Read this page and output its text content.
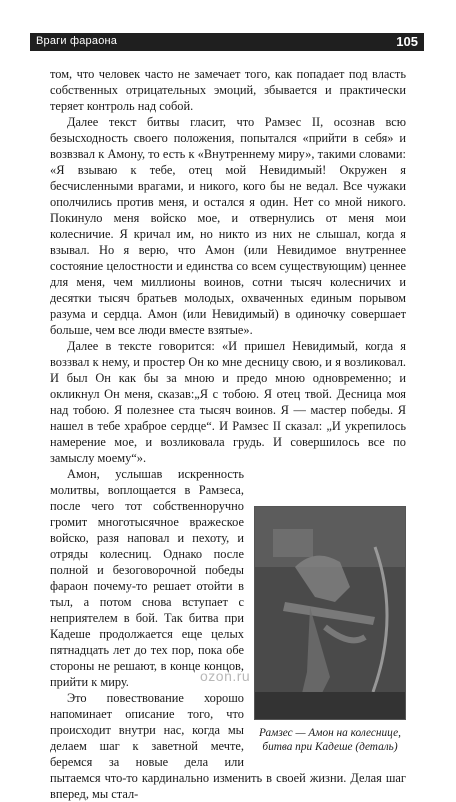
Враги фараона	105

том, что человек часто не замечает того, как попадает под власть собственных отрицательных эмоций, збывается и практически теряет контроль над собой.

Далее текст битвы гласит, что Рамзес II, осознав всю безысходность своего положения, попытался «прийти в себя» и возвзвал к Амону, то есть к «Внутреннему миру», такими словами: «Я взываю к тебе, отец мой Невидимый! Окружен я бесчисленными врагами, и никого, кого бы не ведал. Все чужаки ополчились против меня, и остался я один. Нет со мной никого. Покинуло меня войско мое, и отвернулись от меня мои колесничие. Я кричал им, но никто из них не слышал, когда я взывал. Но я верю, что Амон (или Невидимое внутреннее состояние целостности и единства со всем существующим) ценнее для меня, чем миллионы воинов, сотни тысяч колесничих и десятки тысяч братьев молодых, охваченных единым порывом разума и сердца. Амон (или Невидимый) в одиночку совершает больше, чем все люди вместе взятые».

Далее в тексте говорится: «И пришел Невидимый, когда я воззвал к нему, и простер Он ко мне десницу свою, и я возликовал. И был Он как бы за мною и предо мною одновременно; и окликнул Он меня, сказав:„Я с тобою. Я отец твой. Десница моя над тобою. Я полезнее ста тысяч воинов. Я — мастер победы. Я нашел в тебе храброе сердце“. И Рамзес II сказал: „И укрепилось намерение мое, и возликовала грудь. И совершилось все по замыслу моему“».

Рамзес — Амон на колеснице, битва при Кадеше (деталь)

Амон, услышав искренность молитвы, воплощается в Рамзеса, после чего тот собственноручно громит многотысячное вражеское войско, разя наповал и пехоту, и отряды колесниц. Однако после полной и безоговорочной победы фараон почему-то решает отойти в тыл, а потом снова вступает с неприятелем в бой. Так битва при Кадеше продолжается еще целых пятнадцать лет до тех пор, пока обе стороны не решают, в конце концов, прийти к миру.

Это повествование хорошо напоминает описание того, что происходит внутри нас, когда мы делаем шаг к заветной мечте, беремся за новые дела или пытаемся что-то кардинально изменить в своей жизни. Делая шаг вперед, мы стал-

ozon.ru
